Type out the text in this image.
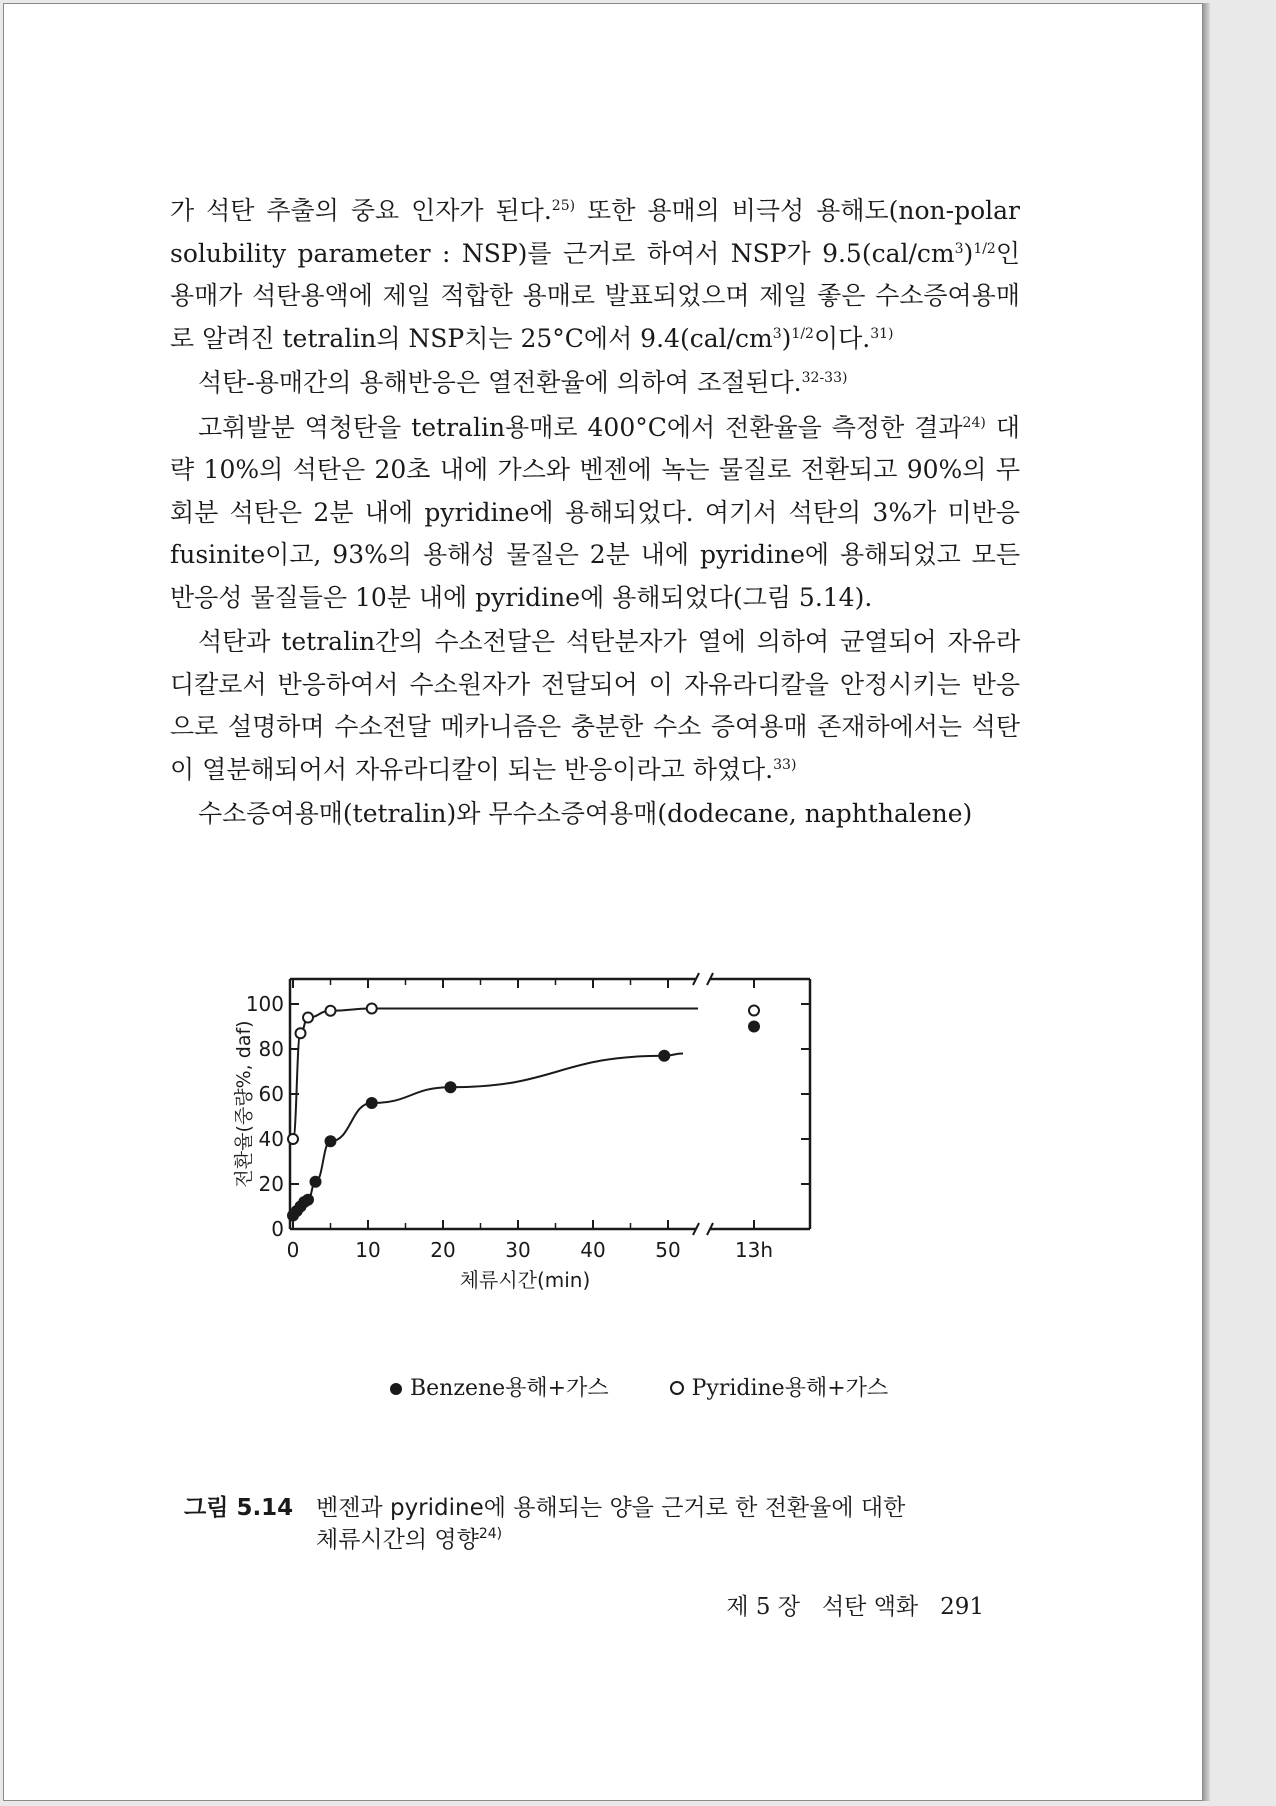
가 석탄 추출의 중요 인자가 된다.$^{25)}$ 또한 용매의 비극성 용해도(non-polar solubility parameter : NSP)를 근거로 하여서 NSP가 $9.5(cal/cm^3)^{1/2}$인 용매가 석탄용액에 제일 적합한 용매로 발표되었으며 제일 좋은 수소증여용매로 알려진 tetralin의 NSP치는 25°C에서 $9.4(cal/cm^3)^{1/2}$이다.$^{31)}$

석탄-용매간의 용해반응은 열전환율에 의하여 조절된다.$^{32-33)}$

고휘발분 역청탄을 tetralin용매로 400°C에서 전환율을 측정한 결과$^{24)}$ 대략 10%의 석탄은 20초 내에 가스와 벤젠에 녹는 물질로 전환되고 90%의 무회분 석탄은 2분 내에 pyridine에 용해되었다. 여기서 석탄의 3%가 미반응 fusinite이고, 93%의 용해성 물질은 2분 내에 pyridine에 용해되었고 모든 반응성 물질들은 10분 내에 pyridine에 용해되었다(그림 5.14).

석탄과 tetralin간의 수소전달은 석탄분자가 열에 의하여 균열되어 자유라디칼로서 반응하여서 수소원자가 전달되어 이 자유라디칼을 안정시키는 반응으로 설명하며 수소전달 메카니즘은 충분한 수소 증여용매 존재하에서는 석탄이 열분해되어서 자유라디칼이 되는 반응이라고 하였다.$^{33)}$

수소증여용매(tetralin)와 무수소증여용매(dodecane, naphthalene)

0
20
40
60
80
100
0	10 20 30 40 50	13h
체류시간(min)
전환율(중량%, daf)
Benzene용해+가스	Pyridine용해+가스
그림 5.14 벤젠과 pyridine에 용해되는 양을 근거로 한 전환율에 대한
체류시간의 영향$^{24)}$
제 5 장 석탄 액화 291
